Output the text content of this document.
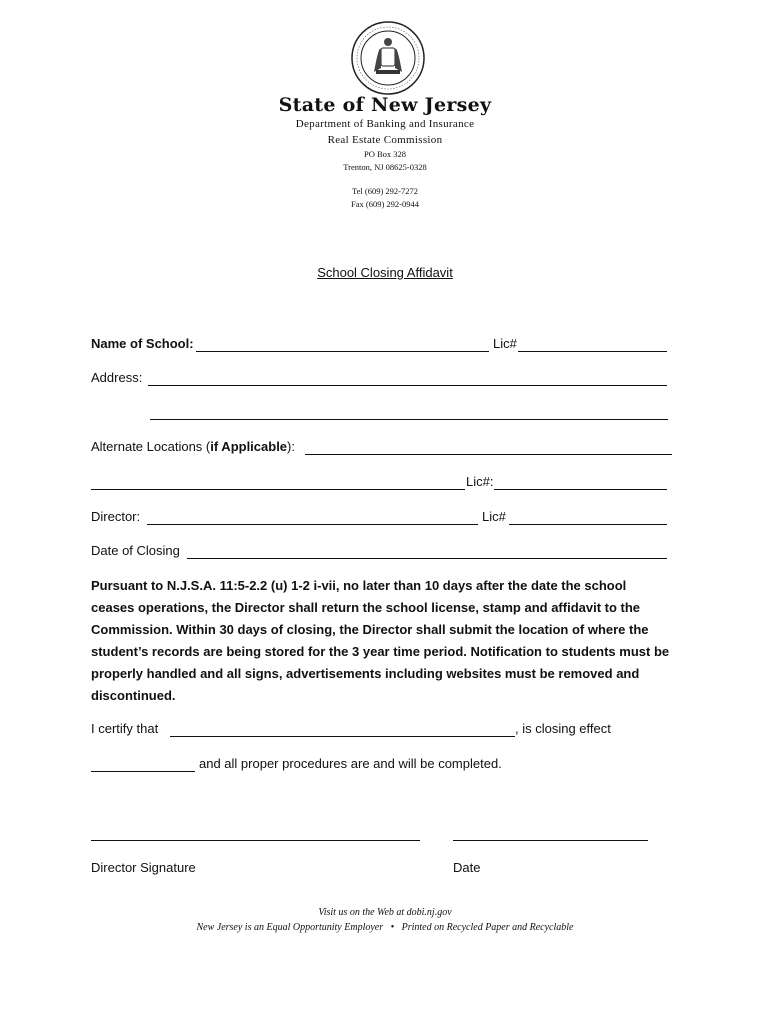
State of New Jersey
Department of Banking and Insurance
Real Estate Commission
PO Box 328
Trenton, NJ 08625-0328
Tel (609) 292-7272
Fax (609) 292-0944
School Closing Affidavit
Name of School:	Lic#
Address:
Alternate Locations (if Applicable):
Lic#:
Director:	Lic#
Date of Closing
Pursuant to N.J.S.A. 11:5-2.2 (u) 1-2 i-vii, no later than 10 days after the date the school ceases operations, the Director shall return the school license, stamp and affidavit to the Commission. Within 30 days of closing, the Director shall submit the location of where the student’s records are being stored for the 3 year time period. Notification to students must be properly handled and all signs, advertisements including websites must be removed and discontinued.
I certify that	, is closing effect
and all proper procedures are and will be completed.
Director Signature	Date
Visit us on the Web at dobi.nj.gov
New Jersey is an Equal Opportunity Employer   •   Printed on Recycled Paper and Recyclable
